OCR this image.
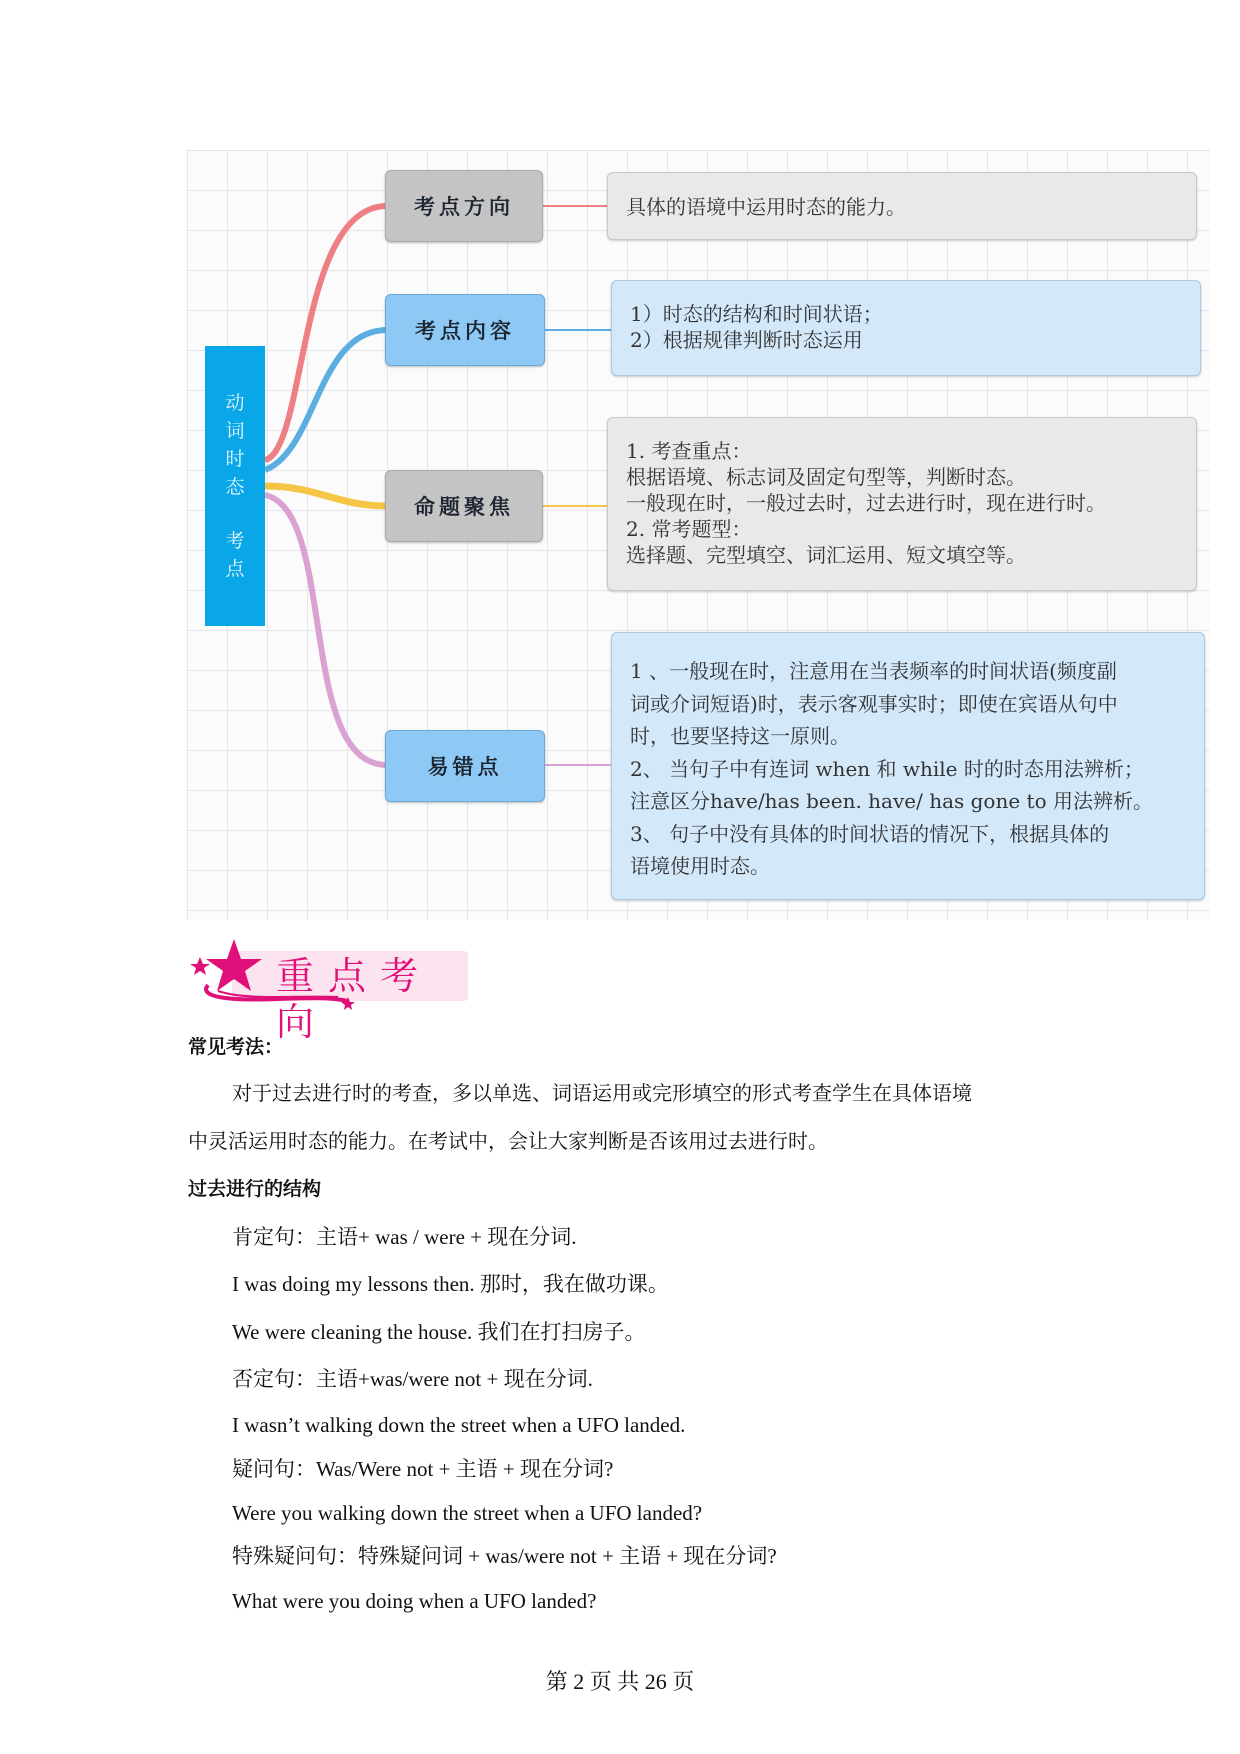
动
词
时
态
考
点
考点方向	具体的语境中运用时态的能力。
考点内容
1）时态的结构和时间状语；
2）根据规律判断时态运用
命题聚焦
1. 考查重点：
根据语境、标志词及固定句型等，判断时态。
一般现在时，一般过去时，过去进行时，现在进行时。
2. 常考题型：
选择题、完型填空、词汇运用、短文填空等。
易错点
1 、一般现在时，注意用在当表频率的时间状语(频度副
词或介词短语)时，表示客观事实时；即使在宾语从句中
时，也要坚持这一原则。
2、 当句子中有连词 when 和 while 时的时态用法辨析；
注意区分have/has been. have/ has gone to 用法辨析。
3、 句子中没有具体的时间状语的情况下，根据具体的
语境使用时态。
重点考向
常见考法：
对于过去进行时的考查，多以单选、词语运用或完形填空的形式考查学生在具体语境
中灵活运用时态的能力。在考试中，会让大家判断是否该用过去进行时。
过去进行的结构
肯定句：主语+ was / were + 现在分词.
I was doing my lessons then. 那时，我在做功课。
We were cleaning the house. 我们在打扫房子。
否定句：主语+was/were not + 现在分词.
I wasn’t walking down the street when a UFO landed.
疑问句：Was/Were not + 主语 + 现在分词?
Were you walking down the street when a UFO landed?
特殊疑问句：特殊疑问词 + was/were not + 主语 + 现在分词?
What were you doing when a UFO landed?
第 2 页 共 26 页
